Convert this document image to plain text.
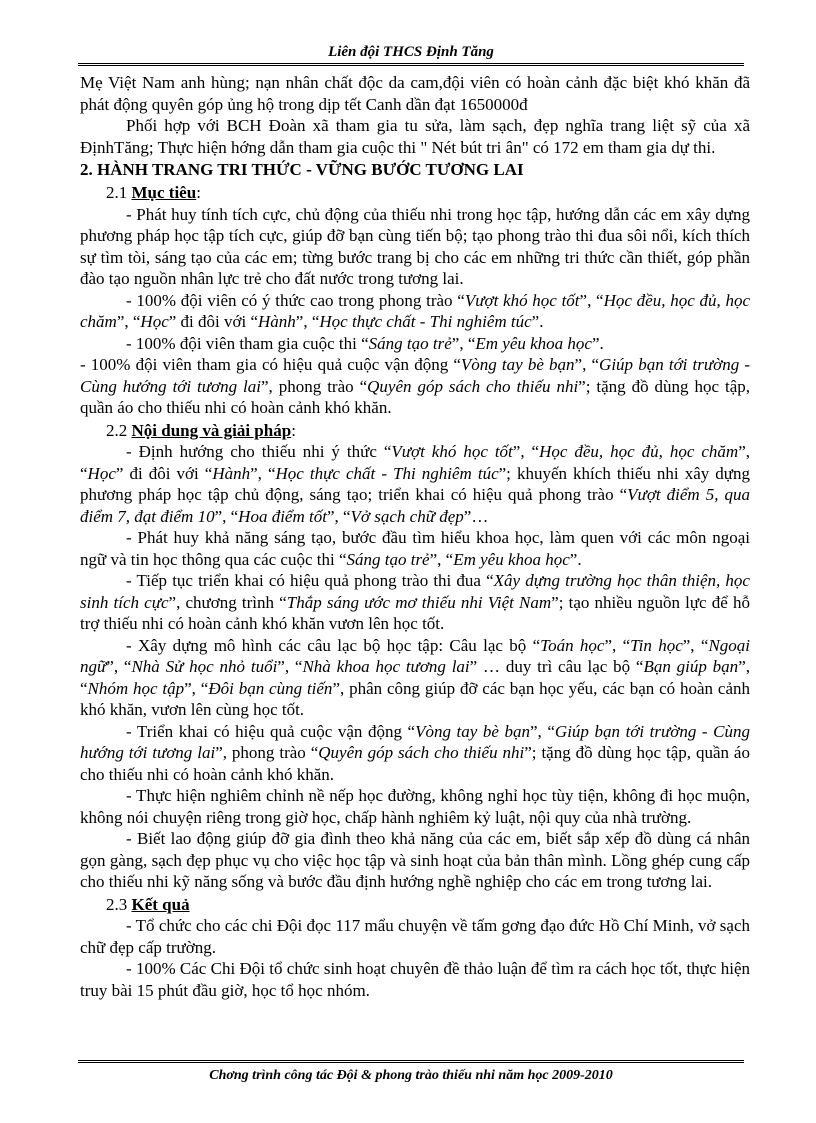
Liên đội THCS Định Tăng

Mẹ Việt Nam anh hùng; nạn nhân chất độc da cam,đội viên có hoàn cảnh đặc biệt khó khăn đã phát động quyên góp ủng hộ trong dịp tết Canh dần đạt 1650000đ

Phối hợp với BCH Đoàn xã tham gia tu sửa, làm sạch, đẹp nghĩa trang liệt sỹ của xã ĐịnhTăng; Thực hiện hớng dẫn tham gia cuộc thi " Nét bút tri ân" có 172 em tham gia dự thi.

2. HÀNH TRANG TRI THỨC - VỮNG BƯỚC TƯƠNG LAI
2.1 Mục tiêu:

- Phát huy tính tích cực, chủ động của thiếu nhi trong học tập, hướng dẫn các em xây dựng phương pháp học tập tích cực, giúp đỡ bạn cùng tiến bộ; tạo phong trào thi đua sôi nổi, kích thích sự tìm tòi, sáng tạo của các em; từng bước trang bị cho các em những tri thức cần thiết, góp phần đào tạo nguồn nhân lực trẻ cho đất nước trong tương lai.

- 100% đội viên có ý thức cao trong phong trào “Vượt khó học tốt”, “Học đều, học đủ, học chăm”, “Học” đi đôi với “Hành”, “Học thực chất - Thi nghiêm túc”.

- 100% đội viên tham gia cuộc thi “Sáng tạo trẻ”, “Em yêu khoa học”.

- 100% đội viên tham gia có hiệu quả cuộc vận động “Vòng tay bè bạn”, “Giúp bạn tới trường - Cùng hướng tới tương lai”, phong trào “Quyên góp sách cho thiếu nhi”; tặng đồ dùng học tập, quần áo cho thiếu nhi có hoàn cảnh khó khăn.

2.2 Nội dung và giải pháp:

- Định hướng cho thiếu nhi ý thức “Vượt khó học tốt”, “Học đều, học đủ, học chăm”, “Học” đi đôi với “Hành”, “Học thực chất - Thi nghiêm túc”; khuyến khích thiếu nhi xây dựng phương pháp học tập chủ động, sáng tạo; triển khai có hiệu quả phong trào “Vượt điểm 5, qua điểm 7, đạt điểm 10”, “Hoa điểm tốt”, “Vở sạch chữ đẹp”…

- Phát huy khả năng sáng tạo, bước đầu tìm hiểu khoa học, làm quen với các môn ngoại ngữ và tin học thông qua các cuộc thi “Sáng tạo trẻ”, “Em yêu khoa học”.

- Tiếp tục triển khai có hiệu quả phong trào thi đua “Xây dựng trường học thân thiện, học sinh tích cực”, chương trình “Thắp sáng ước mơ thiếu nhi Việt Nam”; tạo nhiều nguồn lực để hỗ trợ thiếu nhi có hoàn cảnh khó khăn vươn lên học tốt.

- Xây dựng mô hình các câu lạc bộ học tập: Câu lạc bộ “Toán học”, “Tin học”, “Ngoại ngữ”, “Nhà Sử học nhỏ tuổi”, “Nhà khoa học tương lai” … duy trì câu lạc bộ “Bạn giúp bạn”, “Nhóm học tập”, “Đôi bạn cùng tiến”, phân công giúp đỡ các bạn học yếu, các bạn có hoàn cảnh khó khăn, vươn lên cùng học tốt.

- Triển khai có hiệu quả cuộc vận động “Vòng tay bè bạn”, “Giúp bạn tới trường - Cùng hướng tới tương lai”, phong trào “Quyên góp sách cho thiếu nhi”; tặng đồ dùng học tập, quần áo cho thiếu nhi có hoàn cảnh khó khăn.

- Thực hiện nghiêm chỉnh nề nếp học đường, không nghỉ học tùy tiện, không đi học muộn, không nói chuyện riêng trong giờ học, chấp hành nghiêm kỷ luật, nội quy của nhà trường.

- Biết lao động giúp đỡ gia đình theo khả năng của các em, biết sắp xếp đồ dùng cá nhân gọn gàng, sạch đẹp phục vụ cho việc học tập và sinh hoạt của bản thân mình. Lồng ghép cung cấp cho thiếu nhi kỹ năng sống và bước đầu định hướng nghề nghiệp cho các em trong tương lai.

2.3 Kết quả

- Tổ chức cho các chi Đội đọc 117 mẩu chuyện về tấm gơng đạo đức Hồ Chí Minh, vở sạch chữ đẹp cấp trường.

- 100% Các Chi Đội tổ chức sinh hoạt chuyên đề thảo luận để tìm ra cách học tốt, thực hiện truy bài 15 phút đầu giờ, học tổ học nhóm.

Chơng trình công tác Đội & phong trào thiếu nhi năm học 2009-2010
